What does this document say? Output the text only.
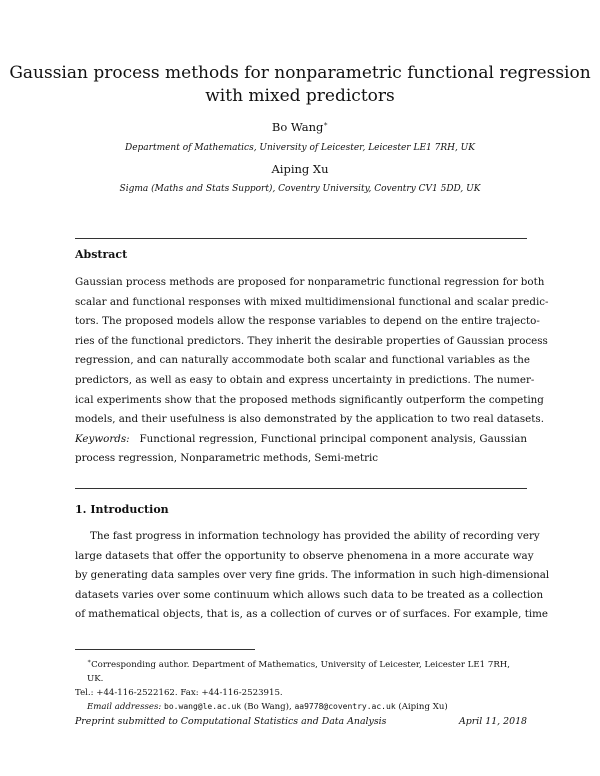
Gaussian process methods for nonparametric functional regression
with mixed predictors
Bo Wang∗
Department of Mathematics, University of Leicester, Leicester LE1 7RH, UK
Aiping Xu
Sigma (Maths and Stats Support), Coventry University, Coventry CV1 5DD, UK
Abstract
Gaussian process methods are proposed for nonparametric functional regression for both
scalar and functional responses with mixed multidimensional functional and scalar predic-
tors. The proposed models allow the response variables to depend on the entire trajecto-
ries of the functional predictors. They inherit the desirable properties of Gaussian process
regression, and can naturally accommodate both scalar and functional variables as the
predictors, as well as easy to obtain and express uncertainty in predictions. The numer-
ical experiments show that the proposed methods significantly outperform the competing
models, and their usefulness is also demonstrated by the application to two real datasets.
Keywords: Functional regression, Functional principal component analysis, Gaussian
process regression, Nonparametric methods, Semi-metric
1. Introduction
The fast progress in information technology has provided the ability of recording very
large datasets that offer the opportunity to observe phenomena in a more accurate way
by generating data samples over very fine grids. The information in such high-dimensional
datasets varies over some continuum which allows such data to be treated as a collection
of mathematical objects, that is, as a collection of curves or of surfaces. For example, time
∗Corresponding author. Department of Mathematics, University of Leicester, Leicester LE1 7RH, UK.
Tel.: +44-116-2522162. Fax: +44-116-2523915.
Email addresses: bo.wang@le.ac.uk (Bo Wang), aa9778@coventry.ac.uk (Aiping Xu)
Preprint submitted to Computational Statistics and Data Analysis	April 11, 2018
